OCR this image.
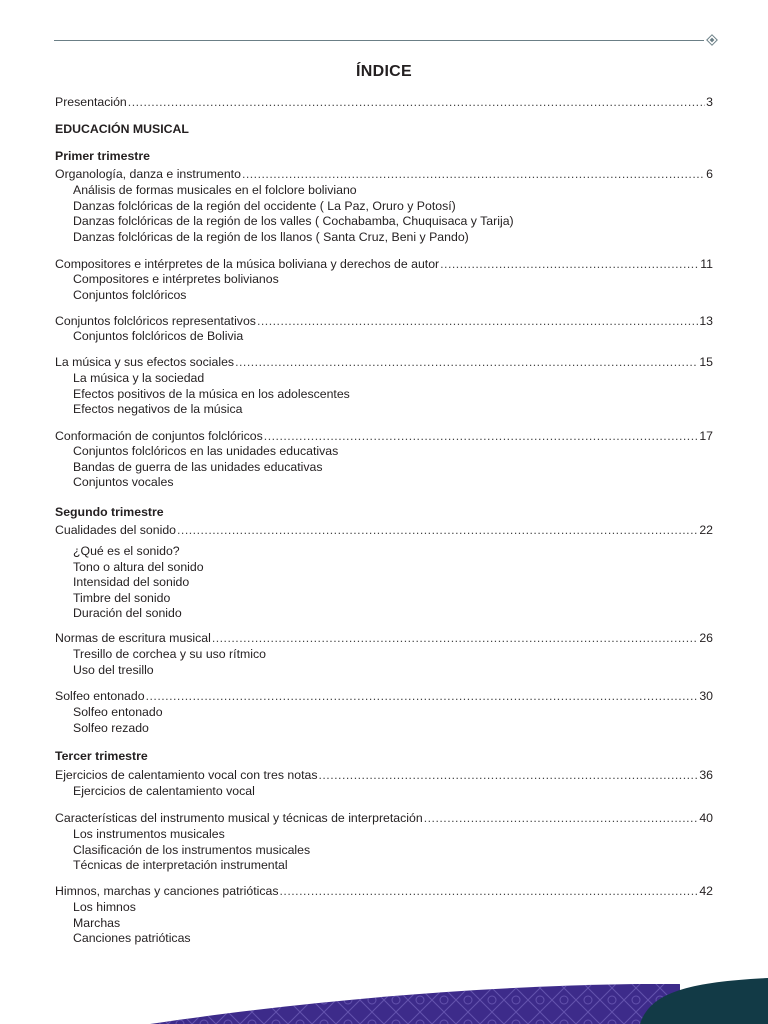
ÍNDICE
Presentación .....	3
EDUCACIÓN MUSICAL
Primer trimestre
Organología, danza e instrumento .....	6
Análisis de formas musicales en el folclore boliviano
Danzas folclóricas de la región del occidente ( La Paz, Oruro y Potosí)
Danzas folclóricas de la región de los valles ( Cochabamba, Chuquisaca y Tarija)
Danzas folclóricas de la región de los llanos ( Santa Cruz, Beni y Pando)
Compositores e intérpretes de la música boliviana y derechos de autor .....	11
Compositores e intérpretes bolivianos
Conjuntos folclóricos
Conjuntos folclóricos representativos .....	13
Conjuntos folclóricos de Bolivia
La música y sus efectos sociales .....	15
La música y la sociedad
Efectos positivos de la música en los adolescentes
Efectos negativos de la música
Conformación de conjuntos folclóricos .....	17
Conjuntos folclóricos en las unidades educativas
Bandas de guerra de las unidades educativas
Conjuntos vocales
Segundo trimestre
Cualidades del sonido .....	22
¿Qué es el sonido?
Tono o altura del sonido
Intensidad del sonido
Timbre del sonido
Duración del sonido
Normas de escritura musical .....	26
Tresillo de corchea y su uso rítmico
Uso del tresillo
Solfeo entonado .....	30
Solfeo entonado
Solfeo rezado
Tercer trimestre
Ejercicios de calentamiento vocal con tres notas .....	36
Ejercicios de calentamiento vocal
Características del instrumento musical y técnicas de interpretación .....	40
Los instrumentos musicales
Clasificación de los instrumentos musicales
Técnicas de interpretación instrumental
Himnos, marchas y canciones patrióticas .....	42
Los himnos
Marchas
Canciones patrióticas
